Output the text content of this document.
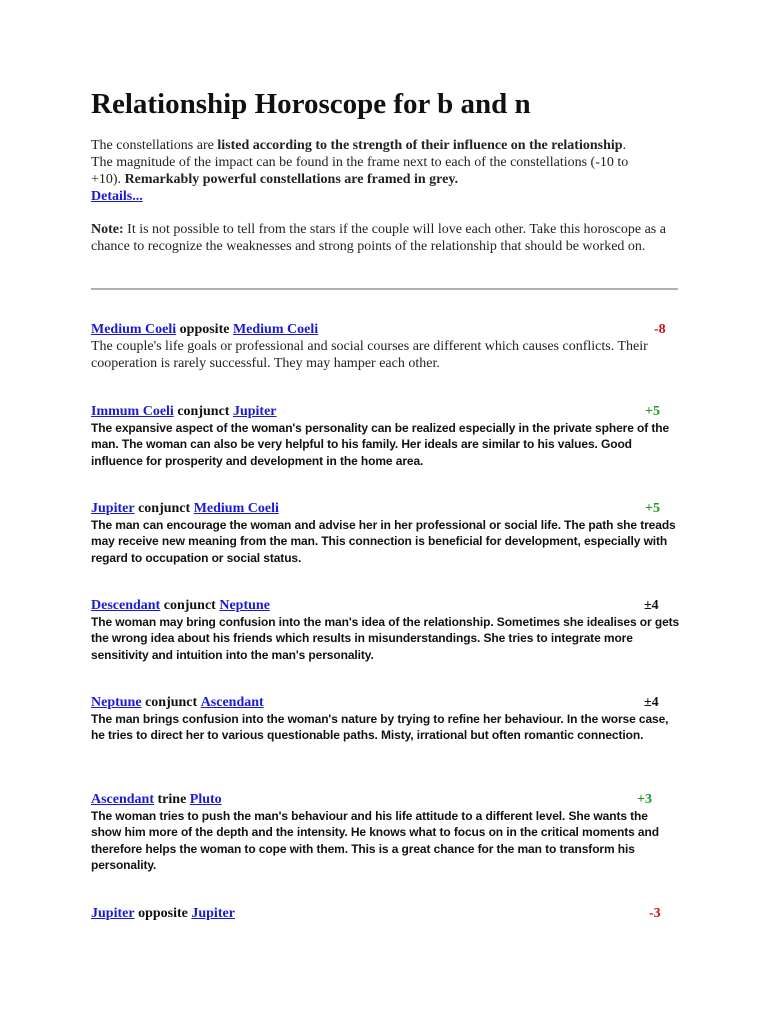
Relationship Horoscope for b and n

The constellations are listed according to the strength of their influence on the relationship. The magnitude of the impact can be found in the frame next to each of the constellations (-10 to +10). Remarkably powerful constellations are framed in grey.
Details...

Note: It is not possible to tell from the stars if the couple will love each other. Take this horoscope as a chance to recognize the weaknesses and strong points of the relationship that should be worked on.

Medium Coeli opposite Medium Coeli	-8

The couple's life goals or professional and social courses are different which causes conflicts. Their cooperation is rarely successful. They may hamper each other.

Immum Coeli conjunct Jupiter	+5

The expansive aspect of the woman's personality can be realized especially in the private sphere of the man. The woman can also be very helpful to his family. Her ideals are similar to his values. Good influence for prosperity and development in the home area.

Jupiter conjunct Medium Coeli	+5

The man can encourage the woman and advise her in her professional or social life. The path she treads may receive new meaning from the man. This connection is beneficial for development, especially with regard to occupation or social status.

Descendant conjunct Neptune	±4

The woman may bring confusion into the man's idea of the relationship. Sometimes she idealises or gets the wrong idea about his friends which results in misunderstandings. She tries to integrate more sensitivity and intuition into the man's personality.

Neptune conjunct Ascendant	±4

The man brings confusion into the woman's nature by trying to refine her behaviour. In the worse case, he tries to direct her to various questionable paths. Misty, irrational but often romantic connection.

Ascendant trine Pluto	+3

The woman tries to push the man's behaviour and his life attitude to a different level. She wants the show him more of the depth and the intensity. He knows what to focus on in the critical moments and therefore helps the woman to cope with them. This is a great chance for the man to transform his personality.

Jupiter opposite Jupiter	-3
